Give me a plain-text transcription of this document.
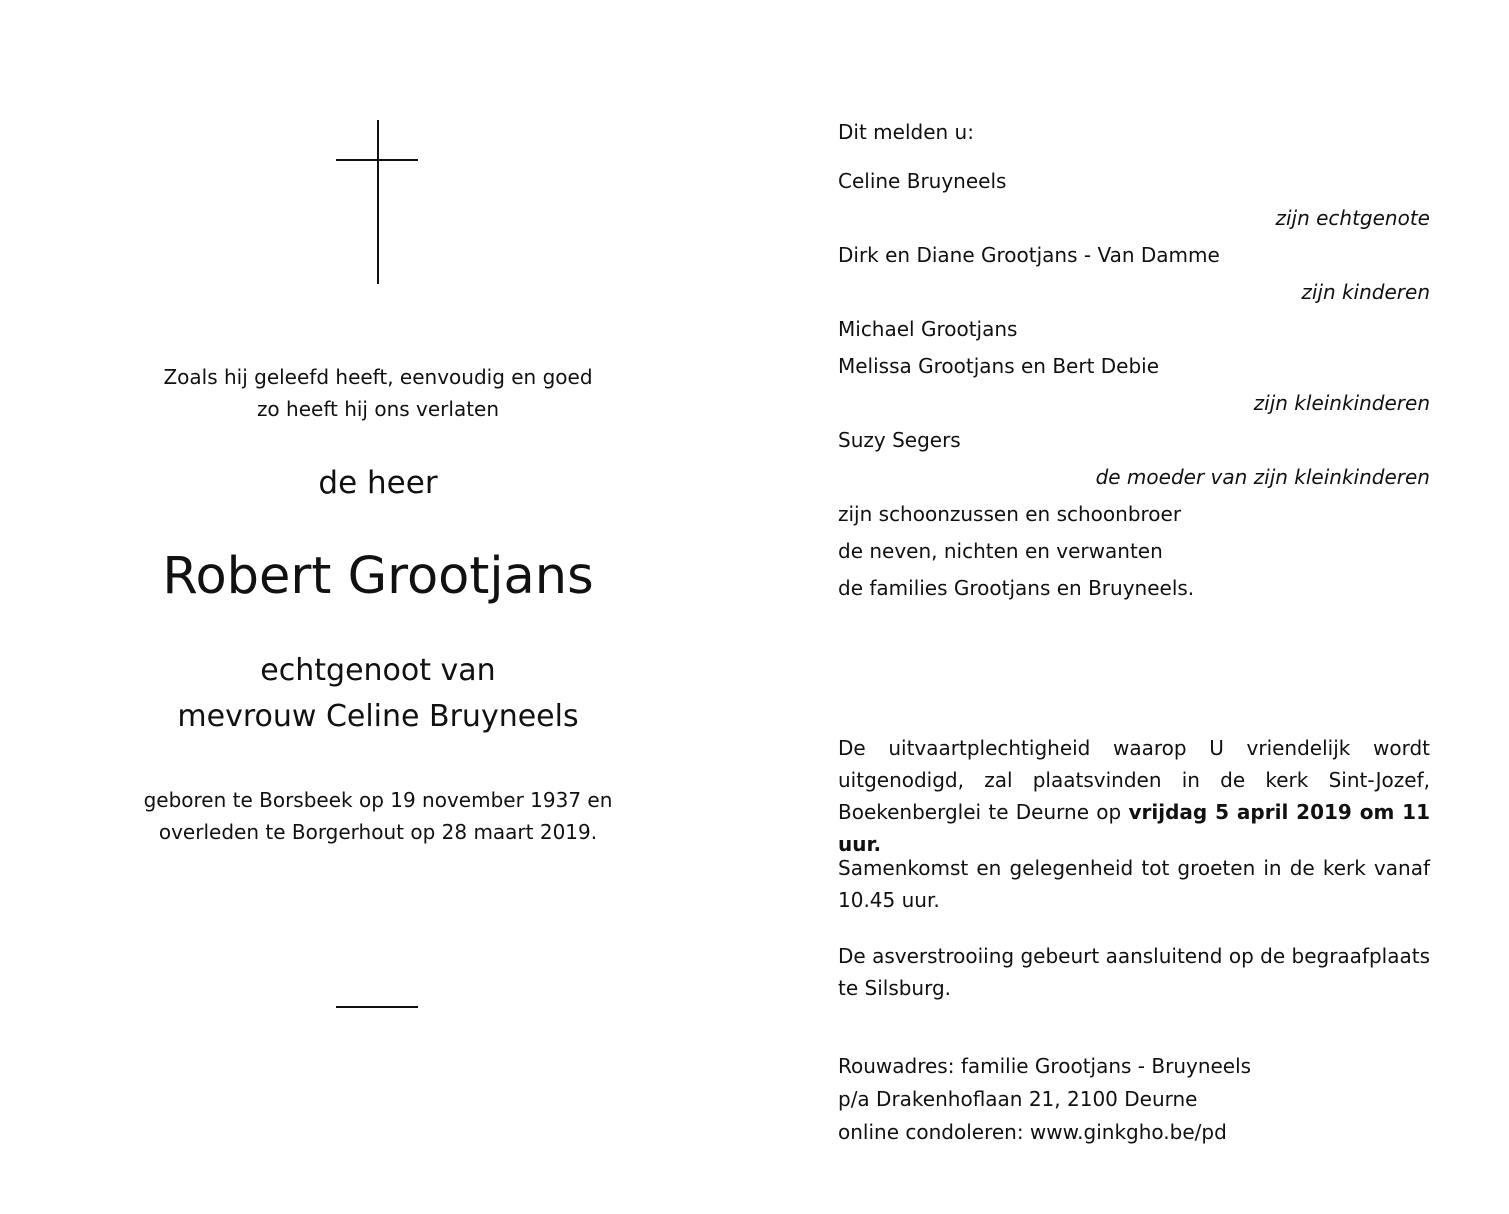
Zoals hij geleefd heeft, eenvoudig en goed
zo heeft hij ons verlaten
de heer
Robert Grootjans
echtgenoot van
mevrouw Celine Bruyneels
geboren te Borsbeek op 19 november 1937 en
overleden te Borgerhout op 28 maart 2019.
Dit melden u:
Celine Bruyneels
zijn echtgenote
Dirk en Diane Grootjans - Van Damme
zijn kinderen
Michael Grootjans
Melissa Grootjans en Bert Debie
zijn kleinkinderen
Suzy Segers
de moeder van zijn kleinkinderen
zijn schoonzussen en schoonbroer
de neven, nichten en verwanten
de families Grootjans en Bruyneels.
De uitvaartplechtigheid waarop U vriendelijk wordt uitgenodigd, zal plaatsvinden in de kerk Sint-Jozef, Boekenberglei te Deurne op vrijdag 5 april 2019 om 11 uur.
Samenkomst en gelegenheid tot groeten in de kerk vanaf 10.45 uur.
De asverstrooiing gebeurt aansluitend op de begraafplaats te Silsburg.
Rouwadres: familie Grootjans - Bruyneels
p/a Drakenhoflaan 21, 2100 Deurne
online condoleren: www.ginkgho.be/pd
